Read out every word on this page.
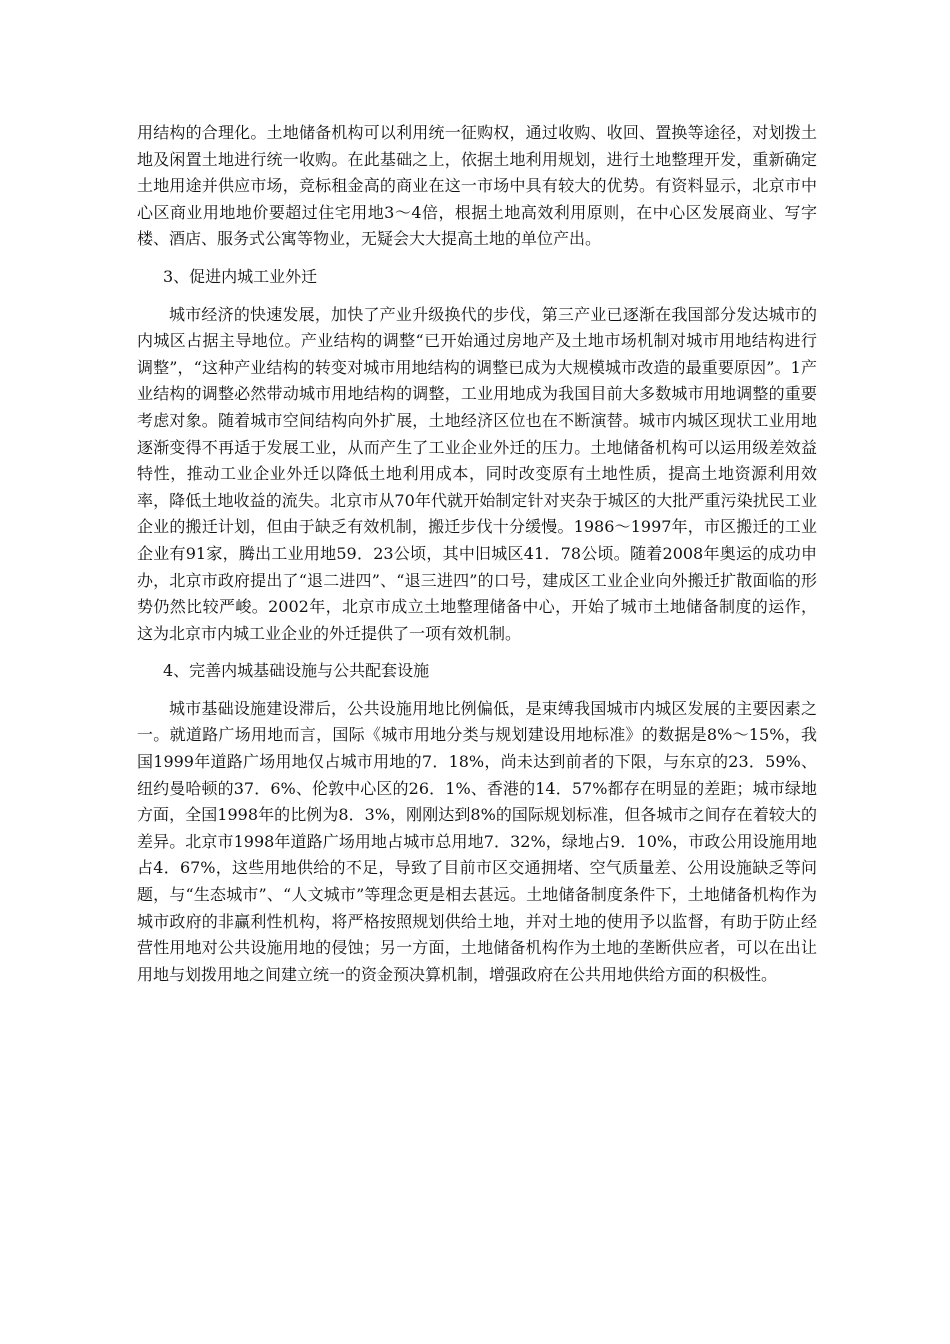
用结构的合理化。土地储备机构可以利用统一征购权，通过收购、收回、置换等途径，对划拨土地及闲置土地进行统一收购。在此基础之上，依据土地利用规划，进行土地整理开发，重新确定土地用途并供应市场，竞标租金高的商业在这一市场中具有较大的优势。有资料显示，北京市中心区商业用地地价要超过住宅用地3～4倍，根据土地高效利用原则，在中心区发展商业、写字楼、酒店、服务式公寓等物业，无疑会大大提高土地的单位产出。

3、促进内城工业外迁

城市经济的快速发展，加快了产业升级换代的步伐，第三产业已逐渐在我国部分发达城市的内城区占据主导地位。产业结构的调整“已开始通过房地产及土地市场机制对城市用地结构进行调整”，“这种产业结构的转变对城市用地结构的调整已成为大规模城市改造的最重要原因”。1产业结构的调整必然带动城市用地结构的调整，工业用地成为我国目前大多数城市用地调整的重要考虑对象。随着城市空间结构向外扩展，土地经济区位也在不断演替。城市内城区现状工业用地逐渐变得不再适于发展工业，从而产生了工业企业外迁的压力。土地储备机构可以运用级差效益特性，推动工业企业外迁以降低土地利用成本，同时改变原有土地性质，提高土地资源利用效率，降低土地收益的流失。北京市从70年代就开始制定针对夹杂于城区的大批严重污染扰民工业企业的搬迁计划，但由于缺乏有效机制，搬迁步伐十分缓慢。1986～1997年，市区搬迁的工业企业有91家，腾出工业用地59．23公顷，其中旧城区41．78公顷。随着2008年奥运的成功申办，北京市政府提出了“退二进四”、“退三进四”的口号，建成区工业企业向外搬迁扩散面临的形势仍然比较严峻。2002年，北京市成立土地整理储备中心，开始了城市土地储备制度的运作，这为北京市内城工业企业的外迁提供了一项有效机制。

4、完善内城基础设施与公共配套设施

城市基础设施建设滞后，公共设施用地比例偏低，是束缚我国城市内城区发展的主要因素之一。就道路广场用地而言，国际《城市用地分类与规划建设用地标准》的数据是8%～15%，我国1999年道路广场用地仅占城市用地的7．18%，尚未达到前者的下限，与东京的23．59%、纽约曼哈顿的37．6%、伦敦中心区的26．1%、香港的14．57%都存在明显的差距；城市绿地方面，全国1998年的比例为8．3%，刚刚达到8%的国际规划标准，但各城市之间存在着较大的差异。北京市1998年道路广场用地占城市总用地7．32%，绿地占9．10%，市政公用设施用地占4．67%，这些用地供给的不足，导致了目前市区交通拥堵、空气质量差、公用设施缺乏等问题，与“生态城市”、“人文城市”等理念更是相去甚远。土地储备制度条件下，土地储备机构作为城市政府的非赢利性机构，将严格按照规划供给土地，并对土地的使用予以监督，有助于防止经营性用地对公共设施用地的侵蚀；另一方面，土地储备机构作为土地的垄断供应者，可以在出让用地与划拨用地之间建立统一的资金预决算机制，增强政府在公共用地供给方面的积极性。
